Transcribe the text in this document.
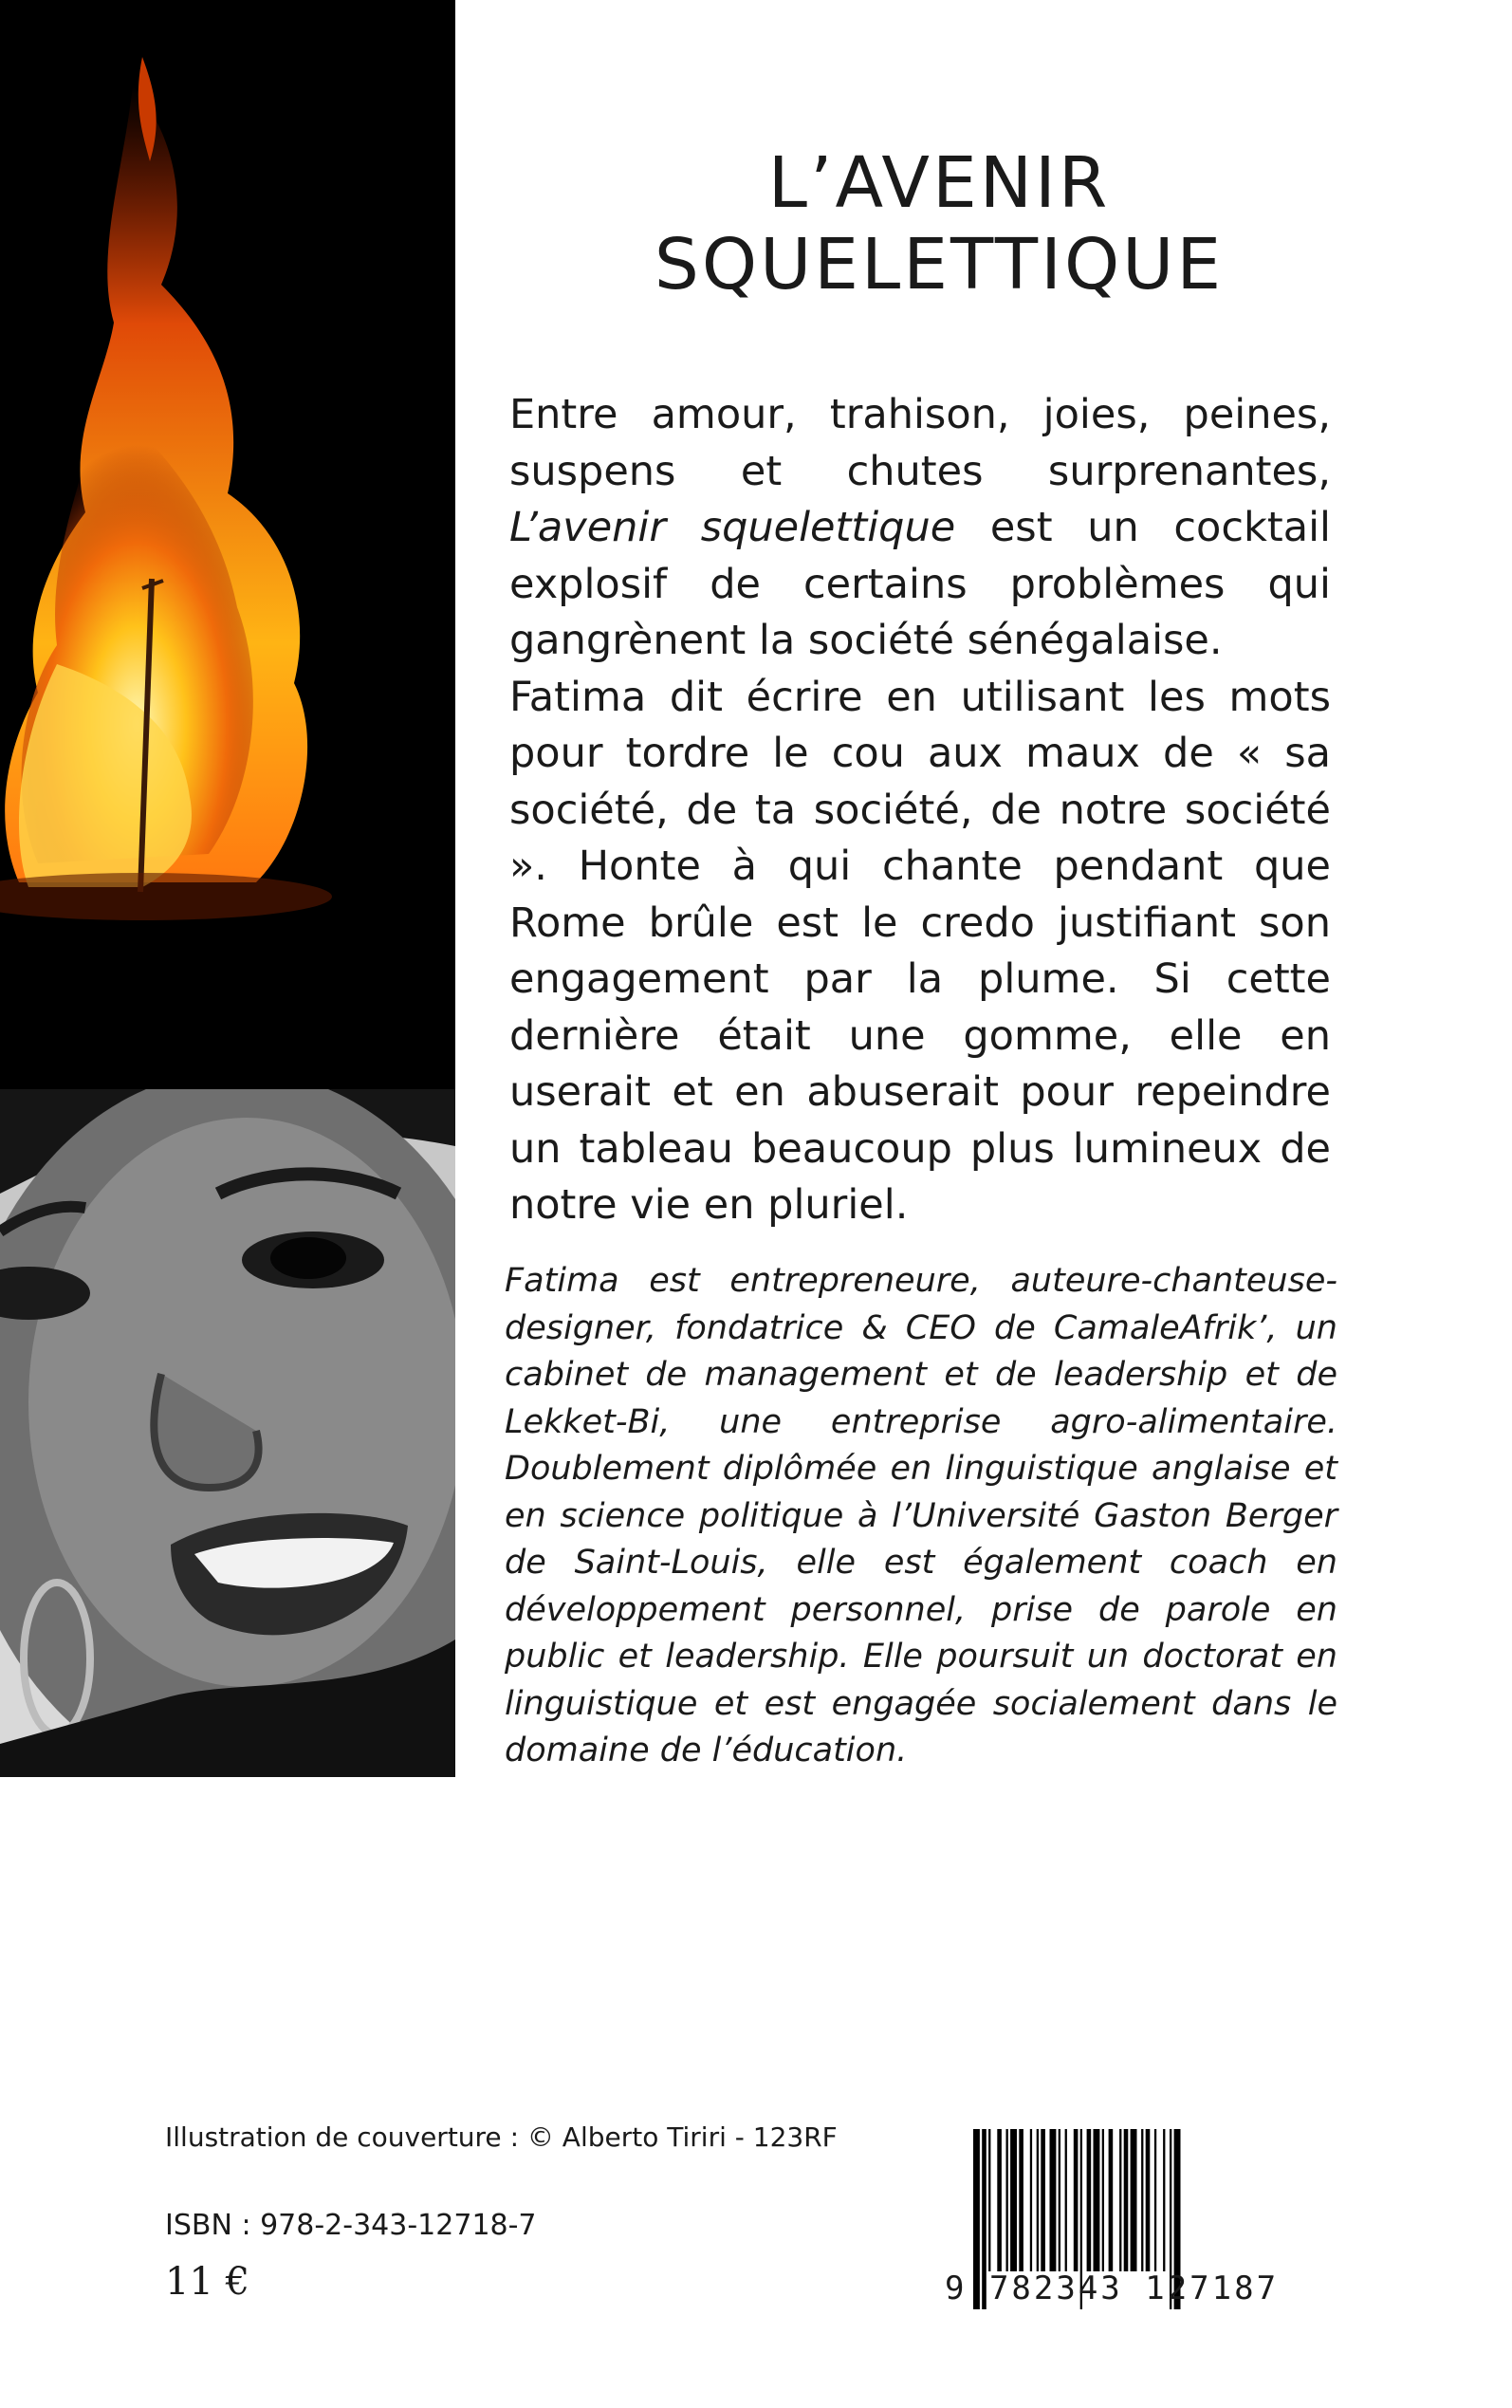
L’AVENIR SQUELETTIQUE

Entre amour, trahison, joies, peines, suspens et chutes surprenantes, L’avenir squelettique est un cocktail explosif de certains problèmes qui gangrènent la société sénégalaise.

Fatima dit écrire en utilisant les mots pour tordre le cou aux maux de « sa société, de ta société, de notre société ». Honte à qui chante pendant que Rome brûle est le credo justifiant son engagement par la plume. Si cette dernière était une gomme, elle en userait et en abuserait pour repeindre un tableau beaucoup plus lumineux de notre vie en pluriel.

Fatima est entrepreneure, auteure-chanteuse-designer, fondatrice & CEO de CamaleAfrik’, un cabinet de management et de leadership et de Lekket-Bi, une entreprise agro-alimentaire. Doublement diplômée en linguistique anglaise et en science politique à l’Université Gaston Berger de Saint-Louis, elle est également coach en développement personnel, prise de parole en public et leadership. Elle poursuit un doctorat en linguistique et est engagée socialement dans le domaine de l’éducation.
Illustration de couverture : © Alberto Tiriri - 123RF
ISBN : 978-2-343-12718-7
11 €	9 782343 127187
